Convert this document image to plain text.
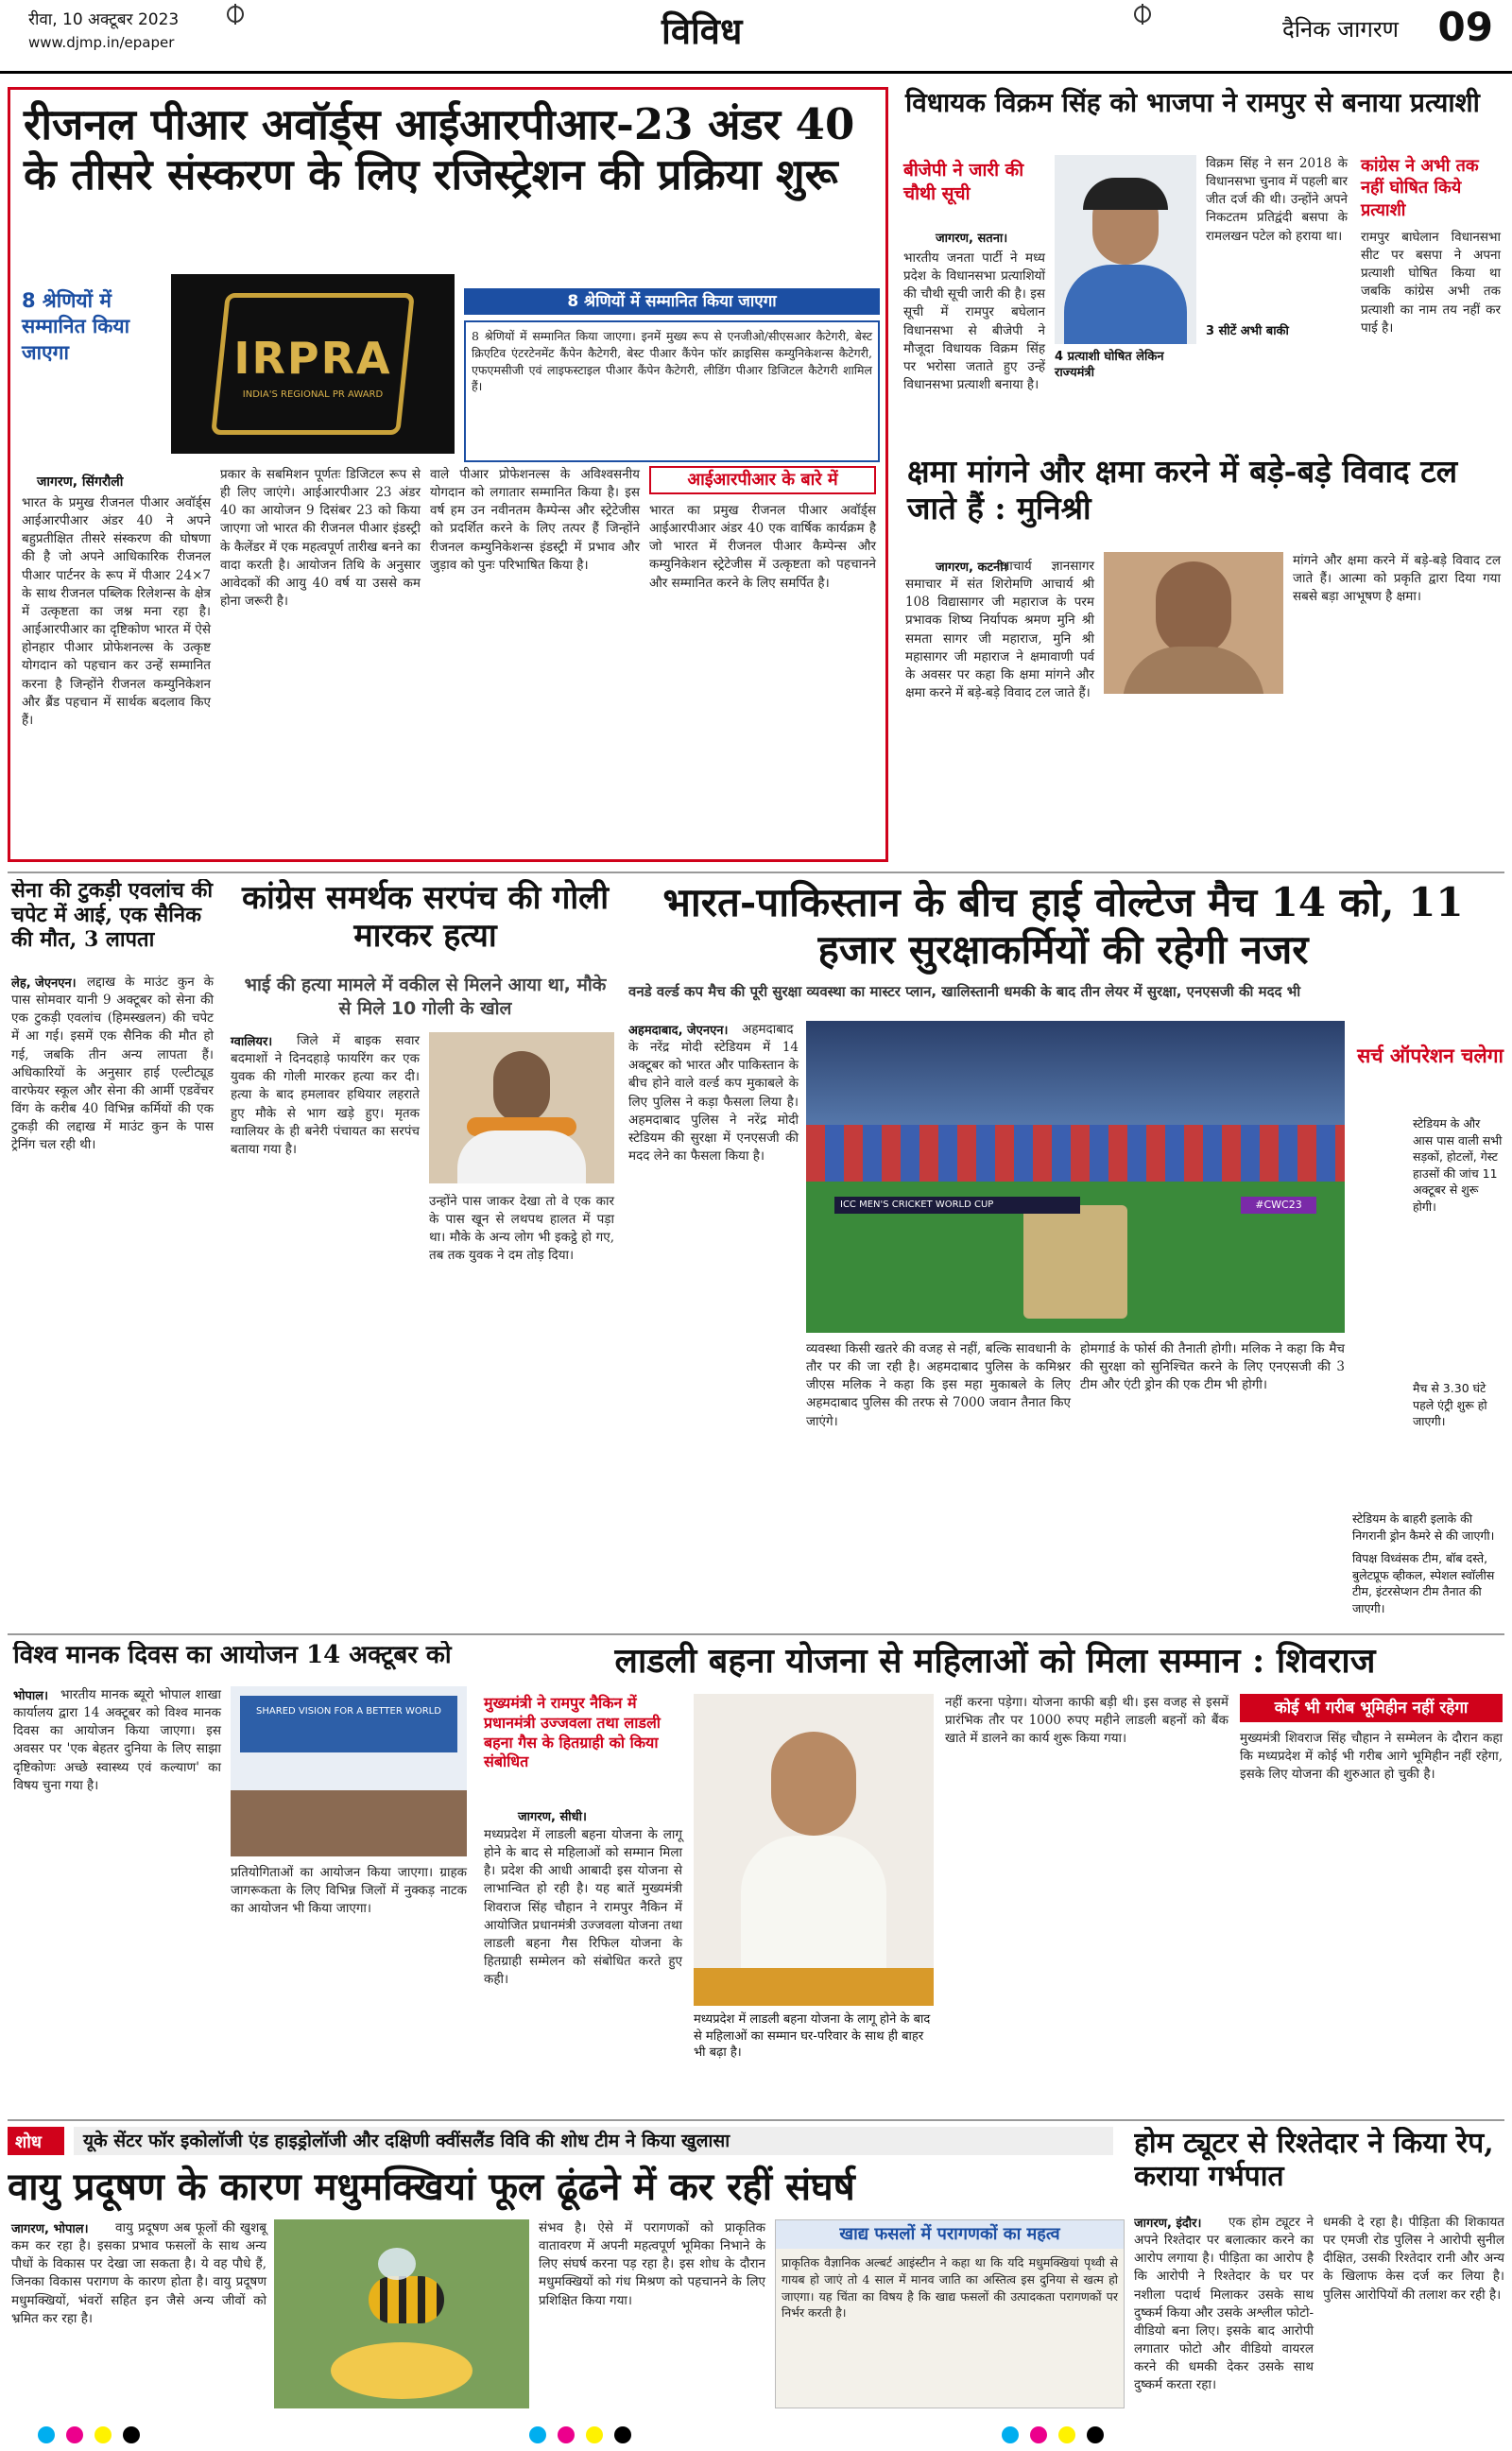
रीवा, 10 अक्टूबर 2023
www.djmp.in/epaper	विविध	दैनिक जागरण 09
रीजनल पीआर अवॉर्ड्स आईआरपीआर-23 अंडर 40 के तीसरे संस्करण के लिए रजिस्ट्रेशन की प्रक्रिया शुरू
8 श्रेणियों में सम्मानित किया जाएगा	IRPRA
INDIA'S REGIONAL PR AWARD
8 श्रेणियों में सम्मानित किया जाएगा
8 श्रेणियों में सम्मानित किया जाएगा। इनमें मुख्य रूप से एनजीओ/सीएसआर कैटेगरी, बेस्ट क्रिएटिव एंटरटेनमेंट कैंपेन कैटेगरी, बेस्ट पीआर कैंपेन फॉर क्राइसिस कम्युनिकेशन्स कैटेगरी, एफएमसीजी एवं लाइफस्टाइल पीआर कैंपेन कैटेगरी, लीडिंग पीआर डिजिटल कैटेगरी शामिल हैं।
जागरण, सिंगरौली
भारत के प्रमुख रीजनल पीआर अवॉर्ड्स आईआरपीआर अंडर 40 ने अपने बहुप्रतीक्षित तीसरे संस्करण की घोषणा की है जो अपने आधिकारिक रीजनल पीआर पार्टनर के रूप में पीआर 24×7 के साथ रीजनल पब्लिक रिलेशन्स के क्षेत्र में उत्कृष्टता का जश्न मना रहा है। आईआरपीआर का दृष्टिकोण भारत में ऐसे होनहार पीआर प्रोफेशनल्स के उत्कृष्ट योगदान को पहचान कर उन्हें सम्मानित करना है जिन्होंने रीजनल कम्युनिकेशन और ब्रैंड पहचान में सार्थक बदलाव किए हैं।
प्रकार के सबमिशन पूर्णतः डिजिटल रूप से ही लिए जाएंगे। आईआरपीआर 23 अंडर 40 का आयोजन 9 दिसंबर 23 को किया जाएगा जो भारत की रीजनल पीआर इंडस्ट्री के कैलेंडर में एक महत्वपूर्ण तारीख बनने का वादा करती है। आयोजन तिथि के अनुसार आवेदकों की आयु 40 वर्ष या उससे कम होना जरूरी है।
वाले पीआर प्रोफेशनल्स के अविश्वसनीय योगदान को लगातार सम्मानित किया है। इस वर्ष हम उन नवीनतम कैम्पेन्स और स्ट्रेटेजीस को प्रदर्शित करने के लिए तत्पर हैं जिन्होंने रीजनल कम्युनिकेशन्स इंडस्ट्री में प्रभाव और जुड़ाव को पुनः परिभाषित किया है।
आईआरपीआर के बारे में
भारत का प्रमुख रीजनल पीआर अवॉर्ड्स आईआरपीआर अंडर 40 एक वार्षिक कार्यक्रम है जो भारत में रीजनल पीआर कैम्पेन्स और कम्युनिकेशन स्ट्रेटेजीस में उत्कृष्टता को पहचानने और सम्मानित करने के लिए समर्पित है।
विधायक विक्रम सिंह को भाजपा ने रामपुर से बनाया प्रत्याशी
बीजेपी ने जारी की चौथी सूची
जागरण, सतना।
भारतीय जनता पार्टी ने मध्य प्रदेश के विधानसभा प्रत्याशियों की चौथी सूची जारी की है। इस सूची में रामपुर बघेलान विधानसभा से बीजेपी ने मौजूदा विधायक विक्रम सिंह पर भरोसा जताते हुए उन्हें विधानसभा प्रत्याशी बनाया है।
4 प्रत्याशी घोषित लेकिन राज्यमंत्री
विक्रम सिंह ने सन 2018 के विधानसभा चुनाव में पहली बार जीत दर्ज की थी। उन्होंने अपने निकटतम प्रतिद्वंदी बसपा के रामलखन पटेल को हराया था।
3 सीटें अभी बाकी
कांग्रेस ने अभी तक नहीं घोषित किये प्रत्याशी
रामपुर बाघेलान विधानसभा सीट पर बसपा ने अपना प्रत्याशी घोषित किया था जबकि कांग्रेस अभी तक प्रत्याशी का नाम तय नहीं कर पाई है।
क्षमा मांगने और क्षमा करने में बड़े-बड़े विवाद टल जाते हैं : मुनिश्री
जागरण, कटनी।
आचार्य ज्ञानसागर समाचार में संत शिरोमणि आचार्य श्री 108 विद्यासागर जी महाराज के परम प्रभावक शिष्य निर्यापक श्रमण मुनि श्री समता सागर जी महाराज, मुनि श्री महासागर जी महाराज ने क्षमावाणी पर्व के अवसर पर कहा कि क्षमा मांगने और क्षमा करने में बड़े-बड़े विवाद टल जाते हैं।
मांगने और क्षमा करने में बड़े-बड़े विवाद टल जाते हैं। आत्मा को प्रकृति द्वारा दिया गया सबसे बड़ा आभूषण है क्षमा।
सेना की टुकड़ी एवलांच की चपेट में आई, एक सैनिक की मौत, 3 लापता
लेह, जेएनएन। लद्दाख के माउंट कुन के पास सोमवार यानी 9 अक्टूबर को सेना की एक टुकड़ी एवलांच (हिमस्खलन) की चपेट में आ गई। इसमें एक सैनिक की मौत हो गई, जबकि तीन अन्य लापता हैं। अधिकारियों के अनुसार हाई एल्टीट्यूड वारफेयर स्कूल और सेना की आर्मी एडवेंचर विंग के करीब 40 विभिन्न कर्मियों की एक टुकड़ी की लद्दाख में माउंट कुन के पास ट्रेनिंग चल रही थी।
कांग्रेस समर्थक सरपंच की गोली मारकर हत्या
भाई की हत्या मामले में वकील से मिलने आया था, मौके से मिले 10 गोली के खोल
ग्वालियर।	जिले में बाइक सवार बदमाशों ने दिनदहाड़े फायरिंग कर एक युवक की गोली मारकर हत्या कर दी। हत्या के बाद हमलावर हथियार लहराते हुए मौके से भाग खड़े हुए। मृतक ग्वालियर के ही बनेरी पंचायत का सरपंच बताया गया है।
उन्होंने पास जाकर देखा तो वे एक कार के पास खून से लथपथ हालत में पड़ा था। मौके के अन्य लोग भी इकट्ठे हो गए, तब तक युवक ने दम तोड़ दिया।
भारत-पाकिस्तान के बीच हाई वोल्टेज मैच 14 को, 11 हजार सुरक्षाकर्मियों की रहेगी नजर
वनडे वर्ल्ड कप मैच की पूरी सुरक्षा व्यवस्था का मास्टर प्लान, खालिस्तानी धमकी के बाद तीन लेयर में सुरक्षा, एनएसजी की मदद भी
अहमदाबाद, जेएनएन।	अहमदाबाद के नरेंद्र मोदी स्टेडियम में 14 अक्टूबर को भारत और पाकिस्तान के बीच होने वाले वर्ल्ड कप मुकाबले के लिए पुलिस ने कड़ा फैसला लिया है। अहमदाबाद पुलिस ने नरेंद्र मोदी स्टेडियम की सुरक्षा में एनएसजी की मदद लेने का फैसला किया है।
ICC MEN'S CRICKET WORLD CUP	#CWC23
व्यवस्था किसी खतरे की वजह से नहीं, बल्कि सावधानी के तौर पर की जा रही है। अहमदाबाद पुलिस के कमिश्नर जीएस मलिक ने कहा कि इस महा मुकाबले के लिए अहमदाबाद पुलिस की तरफ से 7000 जवान तैनात किए जाएंगे।
होमगार्ड के फोर्स की तैनाती होगी। मलिक ने कहा कि मैच की सुरक्षा को सुनिश्चित करने के लिए एनएसजी की 3 टीम और एंटी ड्रोन की एक टीम भी होगी।
सर्च ऑपरेशन चलेगा
स्टेडियम के और आस पास वाली सभी सड़कों, होटलों, गेस्ट हाउसों की जांच 11 अक्टूबर से शुरू होगी।
मैच से 3.30 घंटे पहले एंट्री शुरू हो जाएगी।
स्टेडियम के बाहरी इलाके की निगरानी ड्रोन कैमरे से की जाएगी।
विपक्ष विध्वंसक टीम, बॉब दस्ते, बुलेटप्रूफ व्हीकल, स्पेशल स्वाॅलीस टीम, इंटरसेप्शन टीम तैनात की जाएगी।
विश्व मानक दिवस का आयोजन 14 अक्टूबर को
भोपाल। भारतीय मानक ब्यूरो भोपाल शाखा कार्यालय द्वारा 14 अक्टूबर को विश्व मानक दिवस का आयोजन किया जाएगा। इस अवसर पर 'एक बेहतर दुनिया के लिए साझा दृष्टिकोणः अच्छे स्वास्थ्य एवं कल्याण' का विषय चुना गया है।
SHARED VISION FOR A BETTER WORLD
प्रतियोगिताओं का आयोजन किया जाएगा। ग्राहक जागरूकता के लिए विभिन्न जिलों में नुक्कड़ नाटक का आयोजन भी किया जाएगा।
लाडली बहना योजना से महिलाओं को मिला सम्मान : शिवराज
मुख्यमंत्री ने रामपुर नैकिन में प्रधानमंत्री उज्जवला तथा लाडली बहना गैस के हितग्राही को किया संबोधित
जागरण, सीधी।
मध्यप्रदेश में लाडली बहना योजना के लागू होने के बाद से महिलाओं को सम्मान मिला है। प्रदेश की आधी आबादी इस योजना से लाभान्वित हो रही है। यह बातें मुख्यमंत्री शिवराज सिंह चौहान ने रामपुर नैकिन में आयोजित प्रधानमंत्री उज्जवला योजना तथा लाडली बहना गैस रिफिल योजना के हितग्राही सम्मेलन को संबोधित करते हुए कही।
मध्यप्रदेश में लाडली बहना योजना के लागू होने के बाद से महिलाओं का सम्मान घर-परिवार के साथ ही बाहर भी बढ़ा है।
नहीं करना पड़ेगा। योजना काफी बड़ी थी। इस वजह से इसमें प्रारंभिक तौर पर 1000 रुपए महीने लाडली बहनों को बैंक खाते में डालने का कार्य शुरू किया गया।
कोई भी गरीब भूमिहीन नहीं रहेगा
मुख्यमंत्री शिवराज सिंह चौहान ने सम्मेलन के दौरान कहा कि मध्यप्रदेश में कोई भी गरीब आगे भूमिहीन नहीं रहेगा, इसके लिए योजना की शुरुआत हो चुकी है।
शोध	यूके सेंटर फॉर इकोलॉजी एंड हाइड्रोलॉजी और दक्षिणी क्वींसलैंड विवि की शोध टीम ने किया खुलासा
वायु प्रदूषण के कारण मधुमक्खियां फूल ढूंढने में कर रहीं संघर्ष
जागरण, भोपाल।	वायु प्रदूषण अब फूलों की खुशबू कम कर रहा है। इसका प्रभाव फसलों के साथ अन्य पौधों के विकास पर देखा जा सकता है। ये वह पौधे हैं, जिनका विकास परागण के कारण होता है। वायु प्रदूषण मधुमक्खियों, भंवरों सहित इन जैसे अन्य जीवों को भ्रमित कर रहा है।
संभव है। ऐसे में परागणकों को प्राकृतिक वातावरण में अपनी महत्वपूर्ण भूमिका निभाने के लिए संघर्ष करना पड़ रहा है। इस शोध के दौरान मधुमक्खियों को गंध मिश्रण को पहचानने के लिए प्रशिक्षित किया गया।
खाद्य फसलों में परागणकों का महत्व
प्राकृतिक वैज्ञानिक अल्बर्ट आइंस्टीन ने कहा था कि यदि मधुमक्खियां पृथ्वी से गायब हो जाएं तो 4 साल में मानव जाति का अस्तित्व इस दुनिया से खत्म हो जाएगा। यह चिंता का विषय है कि खाद्य फसलों की उत्पादकता परागणकों पर निर्भर करती है।
होम ट्यूटर से रिश्तेदार ने किया रेप, कराया गर्भपात
जागरण, इंदौर।	एक होम ट्यूटर ने अपने रिश्तेदार पर बलात्कार करने का आरोप लगाया है। पीड़िता का आरोप है कि आरोपी ने रिश्तेदार के घर पर नशीला पदार्थ मिलाकर उसके साथ दुष्कर्म किया और उसके अश्लील फोटो-वीडियो बना लिए। इसके बाद आरोपी लगातार फोटो और वीडियो वायरल करने की धमकी देकर उसके साथ दुष्कर्म करता रहा।
धमकी दे रहा है। पीड़िता की शिकायत पर एमजी रोड पुलिस ने आरोपी सुनील दीक्षित, उसकी रिश्तेदार रानी और अन्य के खिलाफ केस दर्ज कर लिया है। पुलिस आरोपियों की तलाश कर रही है।
